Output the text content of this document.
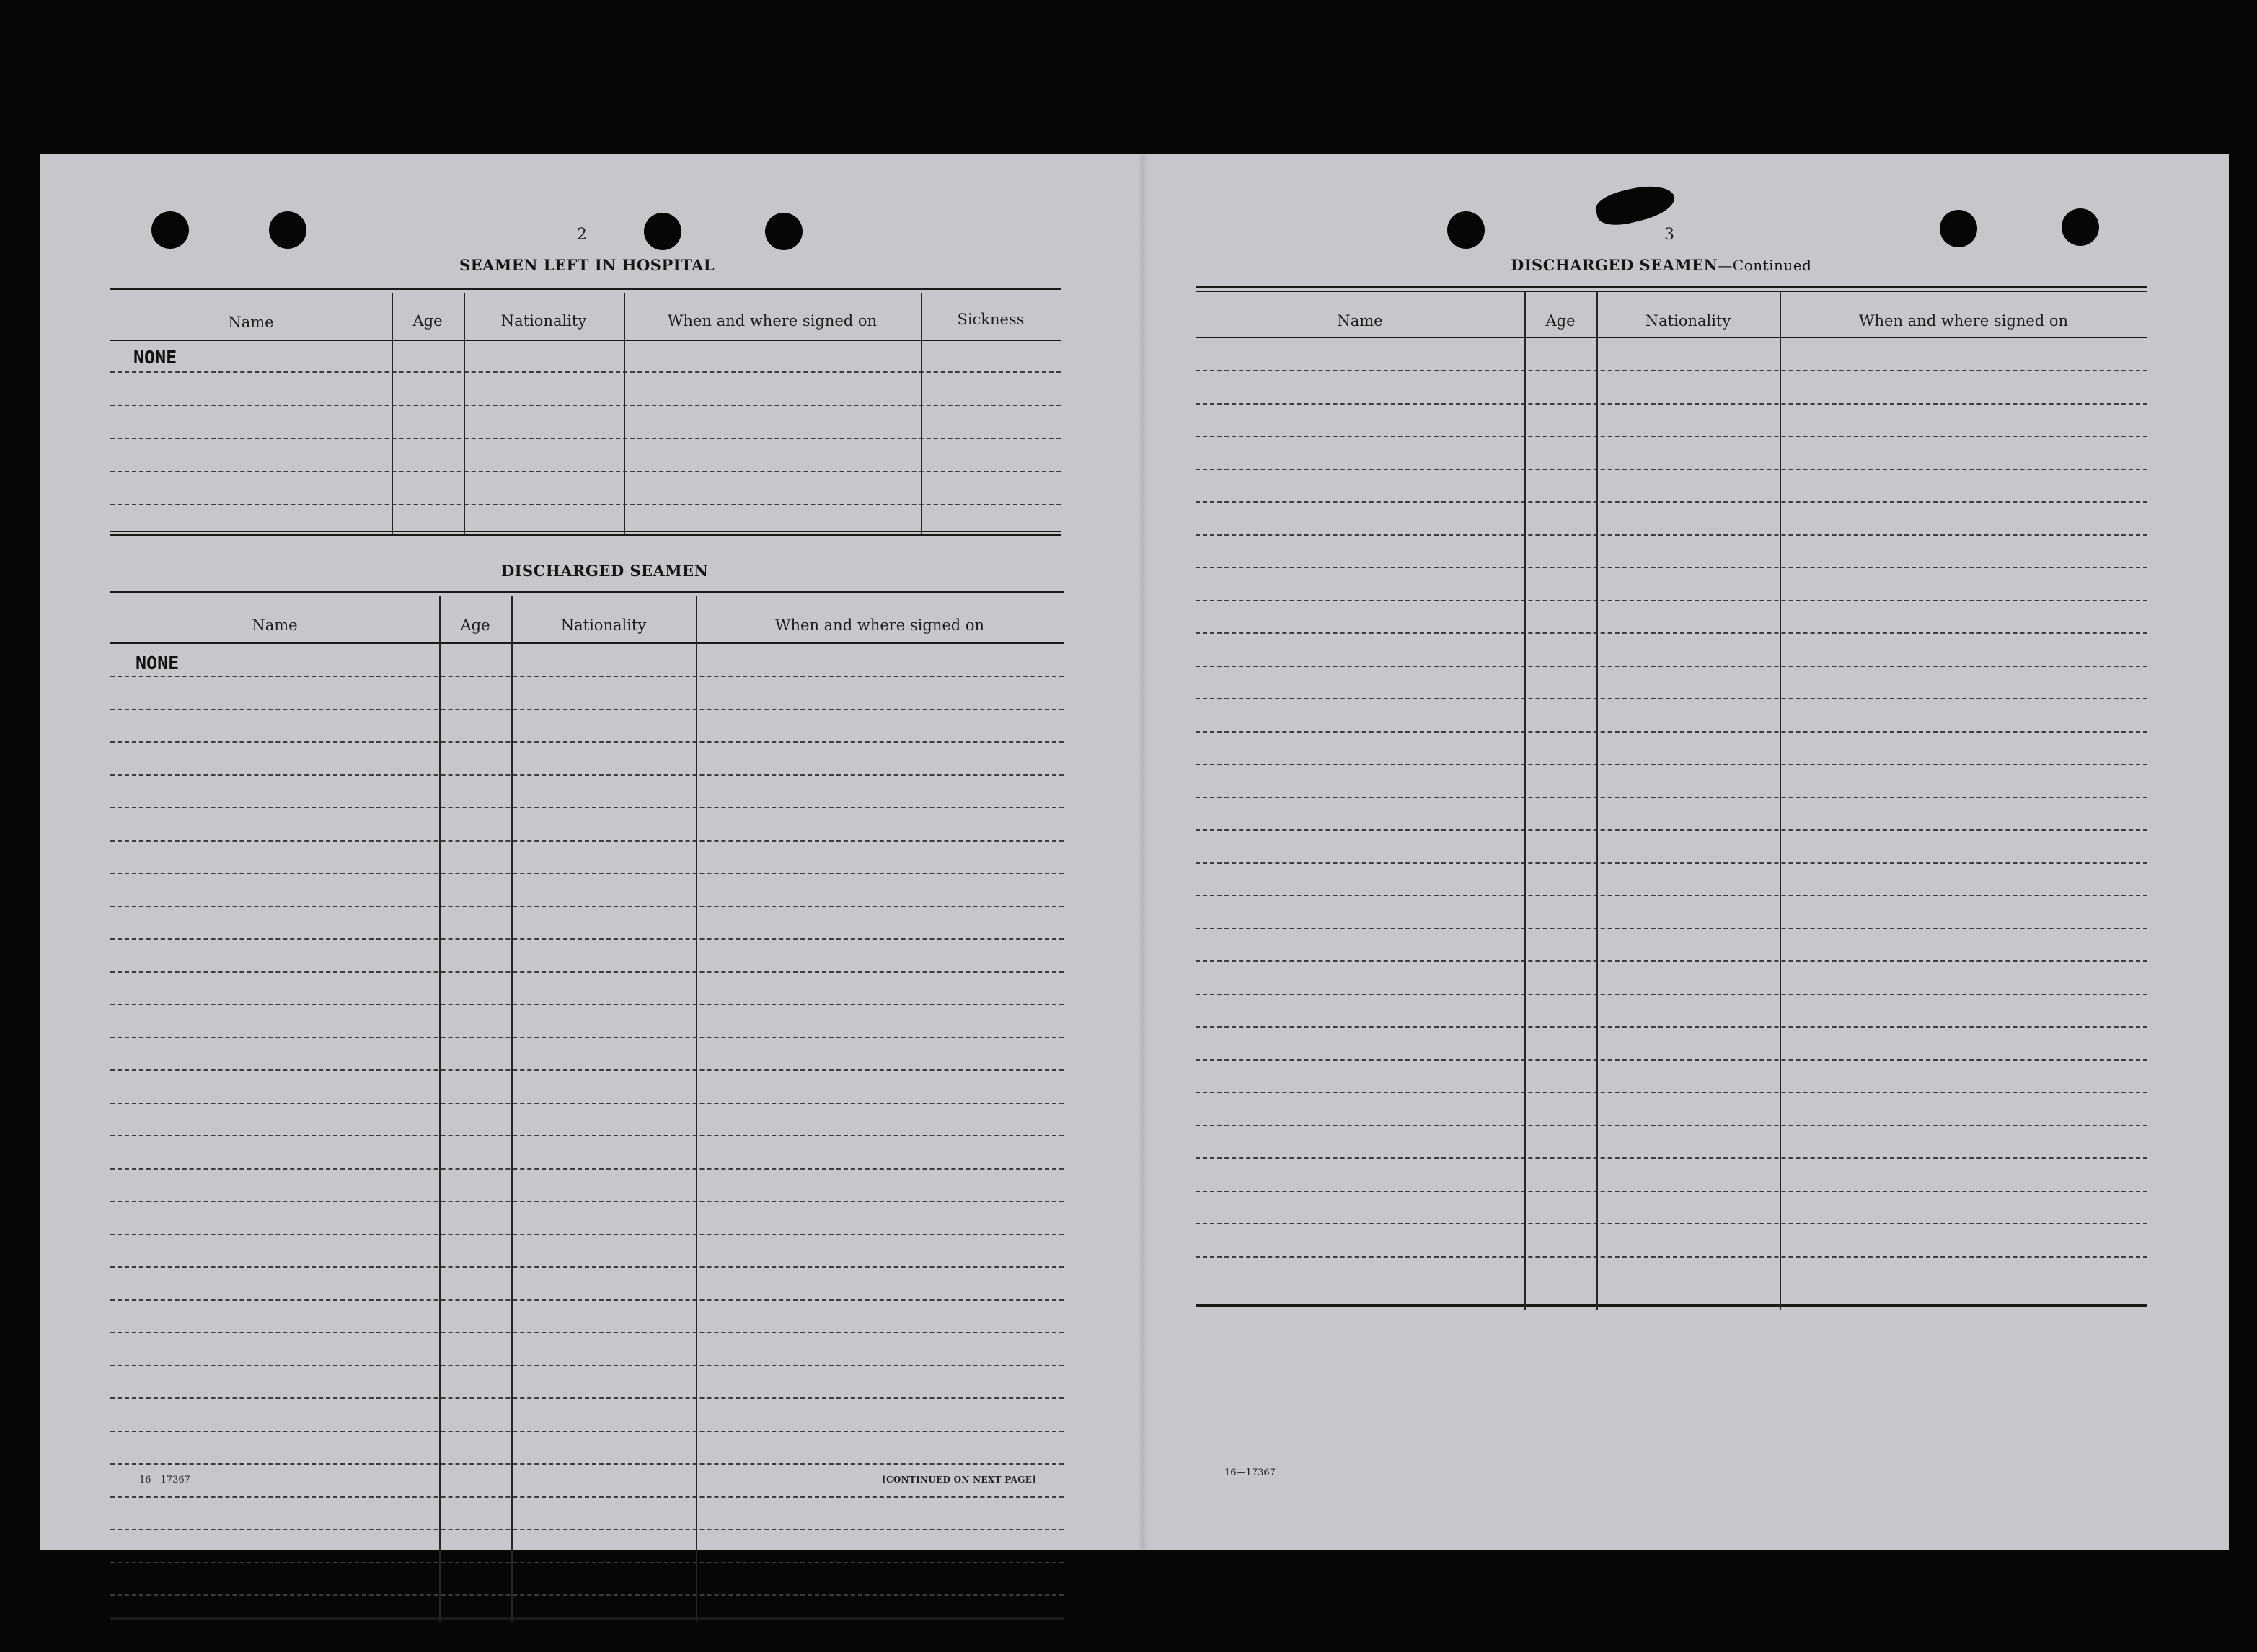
2
SEAMEN LEFT IN HOSPITAL
Name	Age	Nationality	When and where signed on	Sickness
NONE
DISCHARGED SEAMEN
Name	Age	Nationality	When and where signed on
NONE
16—17367	[CONTINUED ON NEXT PAGE]
3
DISCHARGED SEAMEN—Continued
Name	Age	Nationality	When and where signed on
16—17367
